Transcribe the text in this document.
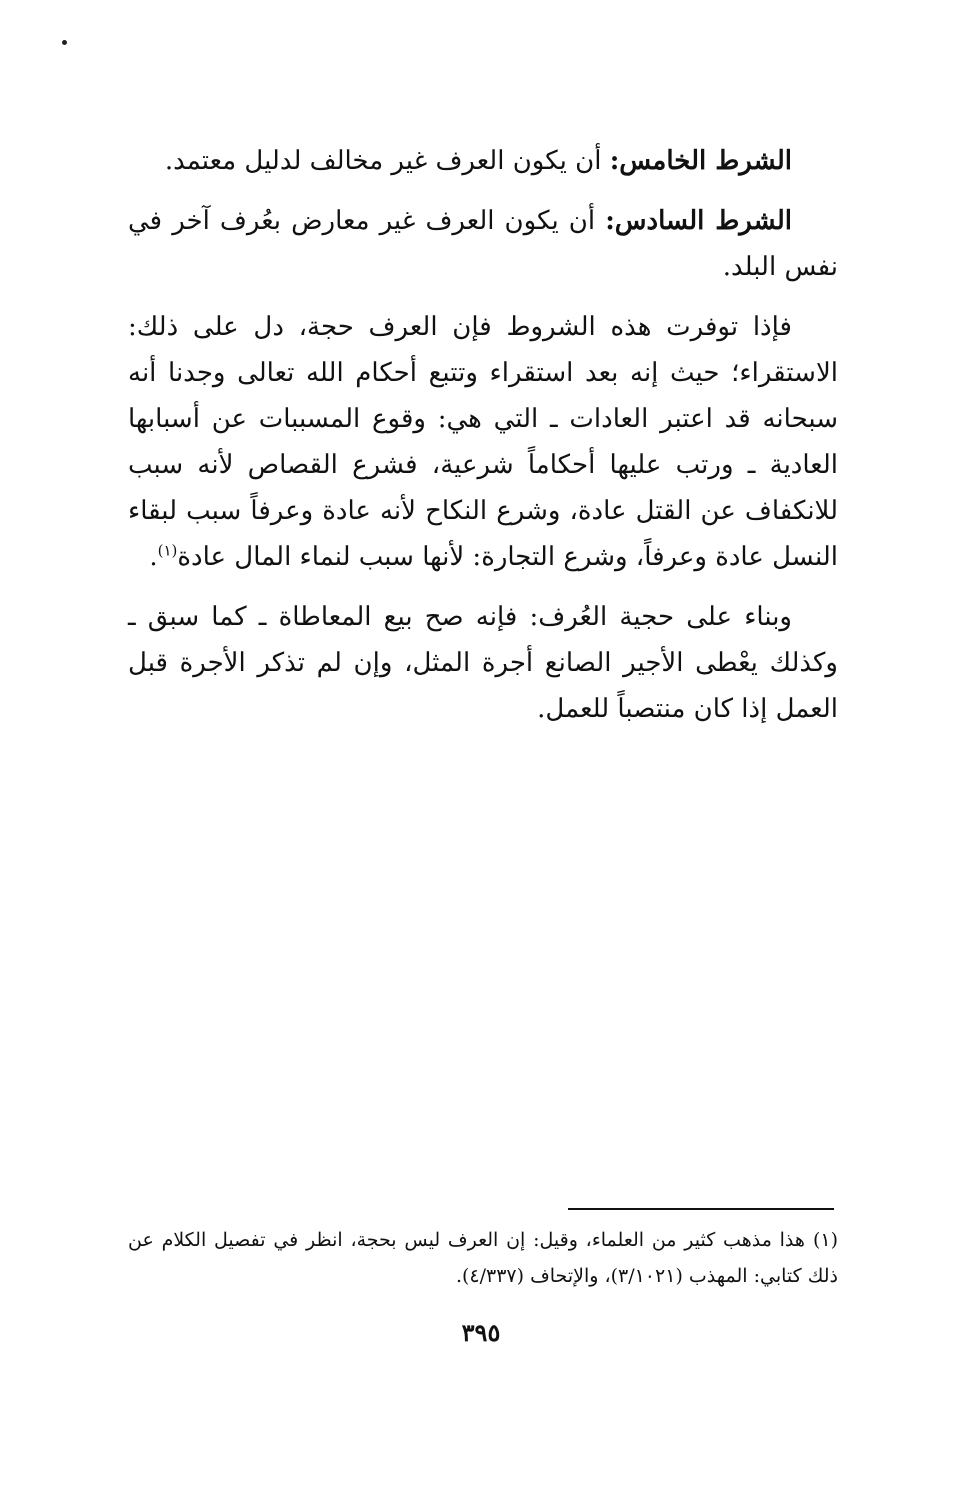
الشرط الخامس: أن يكون العرف غير مخالف لدليل معتمد.

الشرط السادس: أن يكون العرف غير معارض بعُرف آخر في نفس البلد.

فإذا توفرت هذه الشروط فإن العرف حجة، دل على ذلك: الاستقراء؛ حيث إنه بعد استقراء وتتبع أحكام الله تعالى وجدنا أنه سبحانه قد اعتبر العادات ـ التي هي: وقوع المسببات عن أسبابها العادية ـ ورتب عليها أحكاماً شرعية، فشرع القصاص لأنه سبب للانكفاف عن القتل عادة، وشرع النكاح لأنه عادة وعرفاً سبب لبقاء النسل عادة وعرفاً، وشرع التجارة: لأنها سبب لنماء المال عادة$^{(١)}$.

وبناء على حجية العُرف: فإنه صح بيع المعاطاة ـ كما سبق ـ وكذلك يعْطى الأجير الصانع أجرة المثل، وإن لم تذكر الأجرة قبل العمل إذا كان منتصباً للعمل.

(١)هذا مذهب كثير من العلماء، وقيل: إن العرف ليس بحجة، انظر في تفصيل الكلام عن ذلك كتابي: المهذب (٣/١٠٢١)، والإتحاف (٤/٣٣٧).
٣٩٥
